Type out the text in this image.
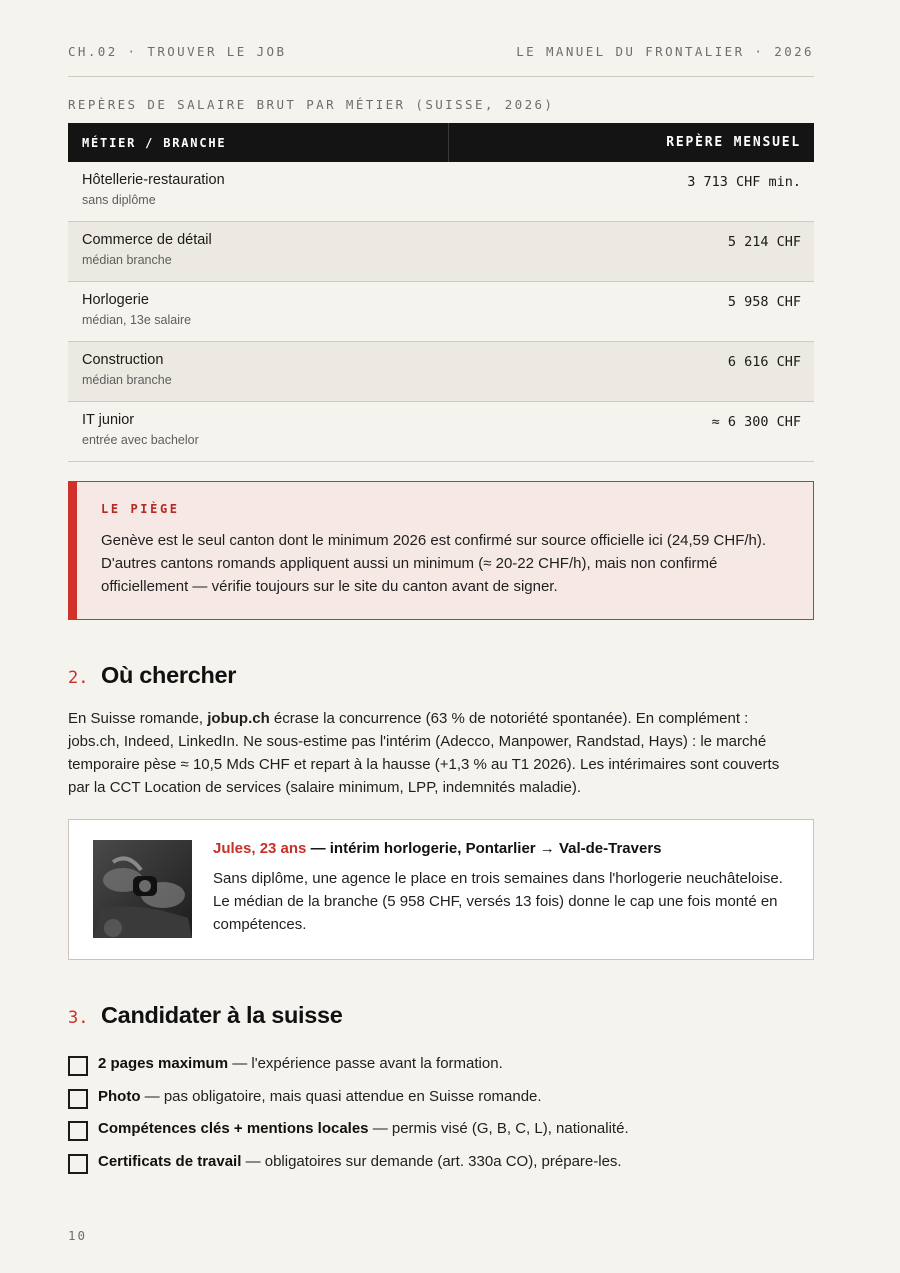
CH.02 · TROUVER LE JOB	LE MANUEL DU FRONTALIER · 2026
REPÈRES DE SALAIRE BRUT PAR MÉTIER (SUISSE, 2026)
MÉTIER / BRANCHE	REPÈRE MENSUEL
Hôtellerie-restauration
sans diplôme
3 713 CHF min.
Commerce de détail
médian branche
5 214 CHF
Horlogerie
médian, 13e salaire
5 958 CHF
Construction
médian branche
6 616 CHF
IT junior
entrée avec bachelor
≈ 6 300 CHF
LE PIÈGE
Genève est le seul canton dont le minimum 2026 est confirmé sur source officielle ici (24,59 CHF/h). D'autres cantons romands appliquent aussi un minimum (≈ 20-22 CHF/h), mais non confirmé officiellement — vérifie toujours sur le site du canton avant de signer.
2. Où chercher
En Suisse romande, jobup.ch écrase la concurrence (63 % de notoriété spontanée). En complément : jobs.ch, Indeed, LinkedIn. Ne sous-estime pas l'intérim (Adecco, Manpower, Randstad, Hays) : le marché temporaire pèse ≈ 10,5 Mds CHF et repart à la hausse (+1,3 % au T1 2026). Les intérimaires sont couverts par la CCT Location de services (salaire minimum, LPP, indemnités maladie).
Jules, 23 ans — intérim horlogerie, Pontarlier → Val-de-Travers
Sans diplôme, une agence le place en trois semaines dans l'horlogerie neuchâteloise. Le médian de la branche (5 958 CHF, versés 13 fois) donne le cap une fois monté en compétences.
3. Candidater à la suisse
2 pages maximum — l'expérience passe avant la formation.
Photo — pas obligatoire, mais quasi attendue en Suisse romande.
Compétences clés + mentions locales — permis visé (G, B, C, L), nationalité.
Certificats de travail — obligatoires sur demande (art. 330a CO), prépare-les.
10
